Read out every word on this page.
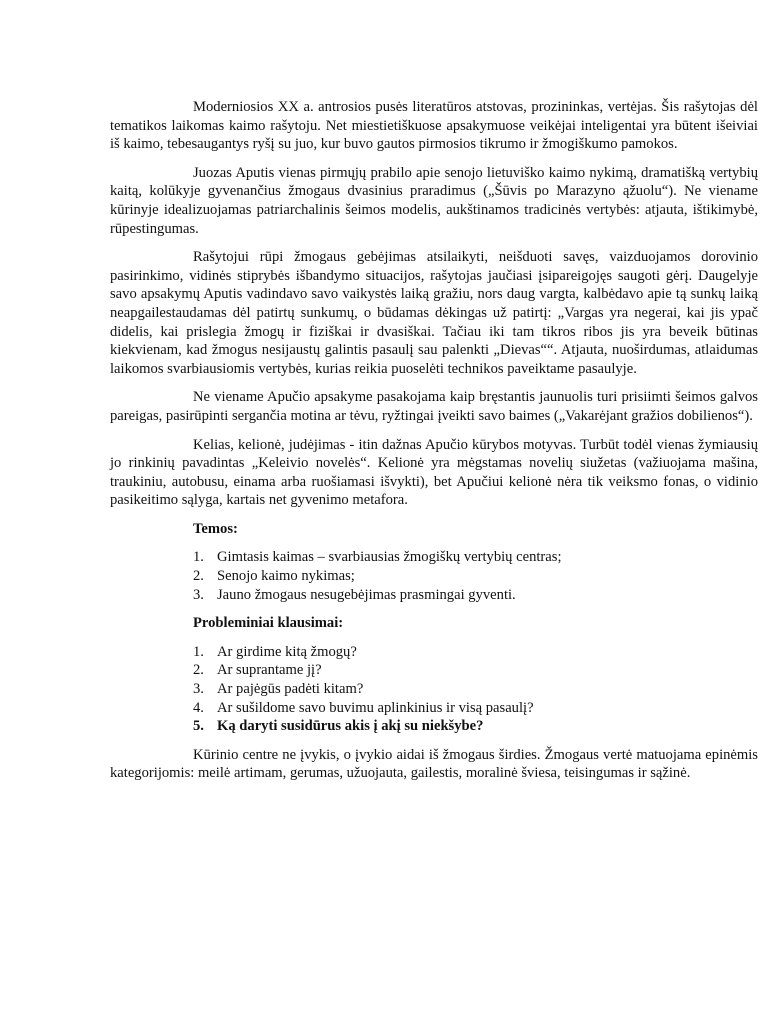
Moderniosios XX a. antrosios pusės literatūros atstovas, prozininkas, vertėjas. Šis rašytojas dėl tematikos laikomas kaimo rašytoju. Net miestietiškuose apsakymuose veikėjai inteligentai yra būtent išeiviai iš kaimo, tebesaugantys ryšį su juo, kur buvo gautos pirmosios tikrumo ir žmogiškumo pamokos.

Juozas Aputis vienas pirmųjų prabilo apie senojo lietuviško kaimo nykimą, dramatišką vertybių kaitą, kolūkyje gyvenančius žmogaus dvasinius praradimus („Šūvis po Marazyno ąžuolu“). Ne viename kūrinyje idealizuojamas patriarchalinis šeimos modelis, aukštinamos tradicinės vertybės: atjauta, ištikimybė, rūpestingumas.

Rašytojui rūpi žmogaus gebėjimas atsilaikyti, neišduoti savęs, vaizduojamos dorovinio pasirinkimo, vidinės stiprybės išbandymo situacijos, rašytojas jaučiasi įsipareigojęs saugoti gėrį. Daugelyje savo apsakymų Aputis vadindavo savo vaikystės laiką gražiu, nors daug vargta, kalbėdavo apie tą sunkų laiką neapgailestaudamas dėl patirtų sunkumų, o būdamas dėkingas už patirtį: „Vargas yra negerai, kai jis ypač didelis, kai prislegia žmogų ir fiziškai ir dvasiškai. Tačiau iki tam tikros ribos jis yra beveik būtinas kiekvienam, kad žmogus nesijaustų galintis pasaulį sau palenkti „Dievas““. Atjauta, nuoširdumas, atlaidumas laikomos svarbiausiomis vertybės, kurias reikia puoselėti technikos paveiktame pasaulyje.

Ne viename Apučio apsakyme pasakojama kaip bręstantis jaunuolis turi prisiimti šeimos galvos pareigas, pasirūpinti sergančia motina ar tėvu, ryžtingai įveikti savo baimes („Vakarėjant gražios dobilienos“).

Kelias, kelionė, judėjimas - itin dažnas Apučio kūrybos motyvas. Turbūt todėl vienas žymiausių jo rinkinių pavadintas „Keleivio novelės“. Kelionė yra mėgstamas novelių siužetas (važiuojama mašina, traukiniu, autobusu, einama arba ruošiamasi išvykti), bet Apučiui kelionė nėra tik veiksmo fonas, o vidinio pasikeitimo sąlyga, kartais net gyvenimo metafora.

Temos:
1. Gimtasis kaimas – svarbiausias žmogiškų vertybių centras;
2. Senojo kaimo nykimas;
3. Jauno žmogaus nesugebėjimas prasmingai gyventi.
Probleminiai klausimai:
1. Ar girdime kitą žmogų?
2. Ar suprantame jį?
3. Ar pajėgūs padėti kitam?
4. Ar sušildome savo buvimu aplinkinius ir visą pasaulį?
5. Ką daryti susidūrus akis į akį su niekšybe?

Kūrinio centre ne įvykis, o įvykio aidai iš žmogaus širdies. Žmogaus vertė matuojama epinėmis kategorijomis: meilė artimam, gerumas, užuojauta, gailestis, moralinė šviesa, teisingumas ir sąžinė.
